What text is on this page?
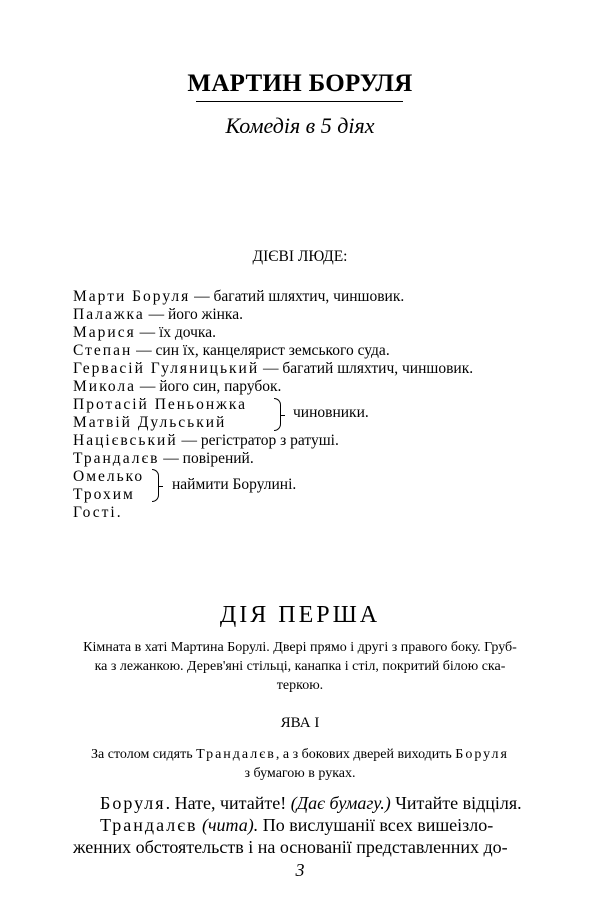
МАРТИН БОРУЛЯ
Комедія в 5 діях
ДІЄВІ ЛЮДЕ:
Марти Боруля — багатий шляхтич, чиншовик.
Палажка — його жінка.
Марися — їх дочка.
Степан — син їх, канцелярист земського суда.
Гервасій Гуляницький — багатий шляхтич, чиншовик.
Микола — його син, парубок.
Протасій Пеньонжка
Матвій Дульський
чиновники.
Націєвський — регістратор з ратуші.
Трандалєв — повірений.
Омелько
Трохим
наймити Борулині.
Гості.
ДІЯ ПЕРША
Кімната в хаті Мартина Борулі. Двері прямо і другі з правого боку. Груб-
ка з лежанкою. Дерев'яні стільці, канапка і стіл, покритий білою ска-
теркою.
ЯВА І
За столом сидять Трандалєв, а з бокових дверей виходить Боруля
з бумагою в руках.
Боруля. Нате, читайте! (Дає бумагу.) Читайте відціля.
Трандалєв (чита). По вислушанії всех вишеізло-
женних обстоятельств і на основанії представленних до-
3
